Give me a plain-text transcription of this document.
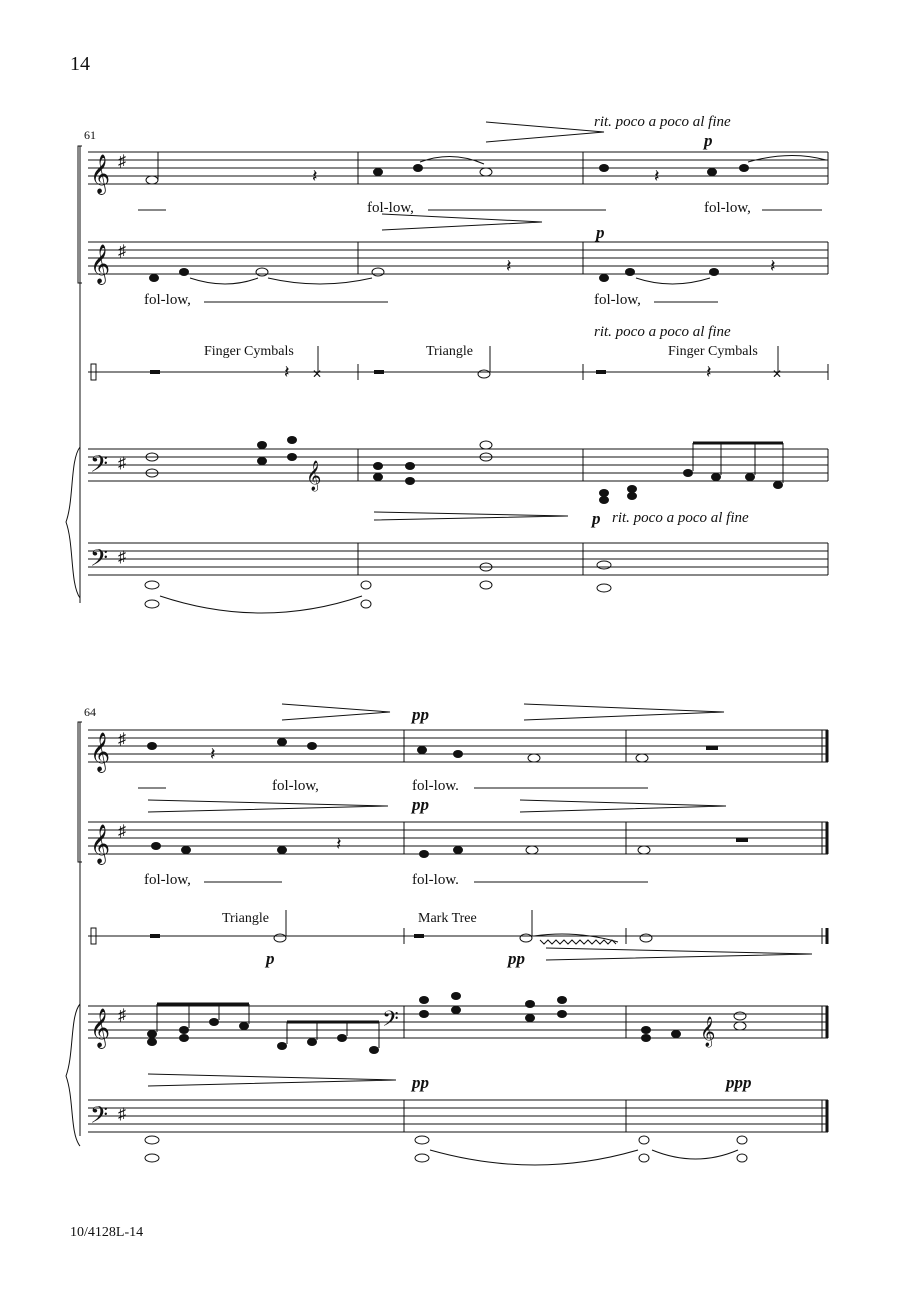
14
61
𝄞 ♯
𝄽	𝄽
rit. poco a poco al fine
p
fol-low,	fol-low,
𝄞 ♯
𝄽	𝄽
p
fol-low,	fol-low,
Finger Cymbals	Triangle	Finger Cymbals
𝄽 ✕
rit. poco a poco al fine
𝄽	✕
𝄢 ♯	𝄞
p rit. poco a poco al fine
𝄢 ♯
64
𝄞 ♯
𝄽
pp
fol-low,	fol-low.
𝄞 ♯
𝄽
pp
fol-low,	fol-low.
Triangle
p
Mark Tree
pp
𝄞 ♯	𝄢	𝄞
pp	ppp
𝄢 ♯
10/4128L-14
